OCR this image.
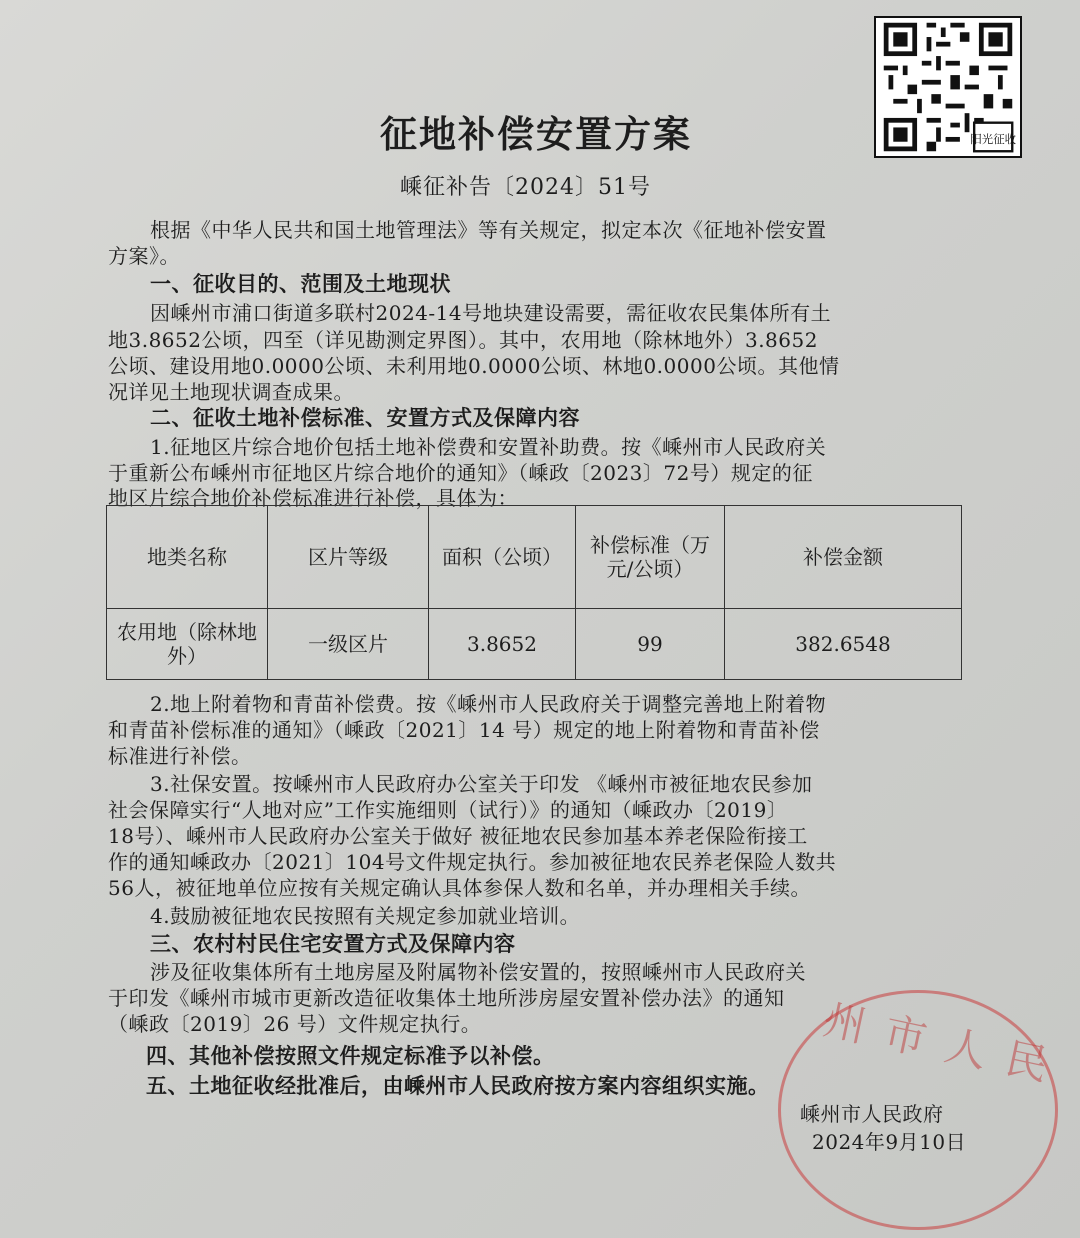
阳光征收
征地补偿安置方案
嵊征补告〔2024〕51号
根据《中华人民共和国土地管理法》等有关规定，拟定本次《征地补偿安置
方案》。
一、征收目的、范围及土地现状
因嵊州市浦口街道多联村2024-14号地块建设需要，需征收农民集体所有土
地3.8652公顷，四至（详见勘测定界图）。其中，农用地（除林地外）3.8652
公顷、建设用地0.0000公顷、未利用地0.0000公顷、林地0.0000公顷。其他情
况详见土地现状调查成果。
二、征收土地补偿标准、安置方式及保障内容
1.征地区片综合地价包括土地补偿费和安置补助费。按《嵊州市人民政府关
于重新公布嵊州市征地区片综合地价的通知》（嵊政〔2023〕72号）规定的征
地区片综合地价补偿标准进行补偿，具体为：
地类名称	区片等级	面积（公顷）	补偿标准（万元/公顷）	补偿金额
农用地（除林地外）	一级区片	3.8652	99	382.6548
2.地上附着物和青苗补偿费。按《嵊州市人民政府关于调整完善地上附着物
和青苗补偿标准的通知》（嵊政〔2021〕14 号）规定的地上附着物和青苗补偿
标准进行补偿。
3.社保安置。按嵊州市人民政府办公室关于印发 《嵊州市被征地农民参加
社会保障实行“人地对应”工作实施细则（试行）》的通知（嵊政办〔2019〕
18号）、嵊州市人民政府办公室关于做好 被征地农民参加基本养老保险衔接工
作的通知嵊政办〔2021〕104号文件规定执行。参加被征地农民养老保险人数共
56人，被征地单位应按有关规定确认具体参保人数和名单，并办理相关手续。
4.鼓励被征地农民按照有关规定参加就业培训。
三、农村村民住宅安置方式及保障内容
涉及征收集体所有土地房屋及附属物补偿安置的，按照嵊州市人民政府关
于印发《嵊州市城市更新改造征收集体土地所涉房屋安置补偿办法》的通知
（嵊政〔2019〕26 号）文件规定执行。	州市人民
四、其他补偿按照文件规定标准予以补偿。
五、土地征收经批准后，由嵊州市人民政府按方案内容组织实施。
嵊州市人民政府
2024年9月10日
